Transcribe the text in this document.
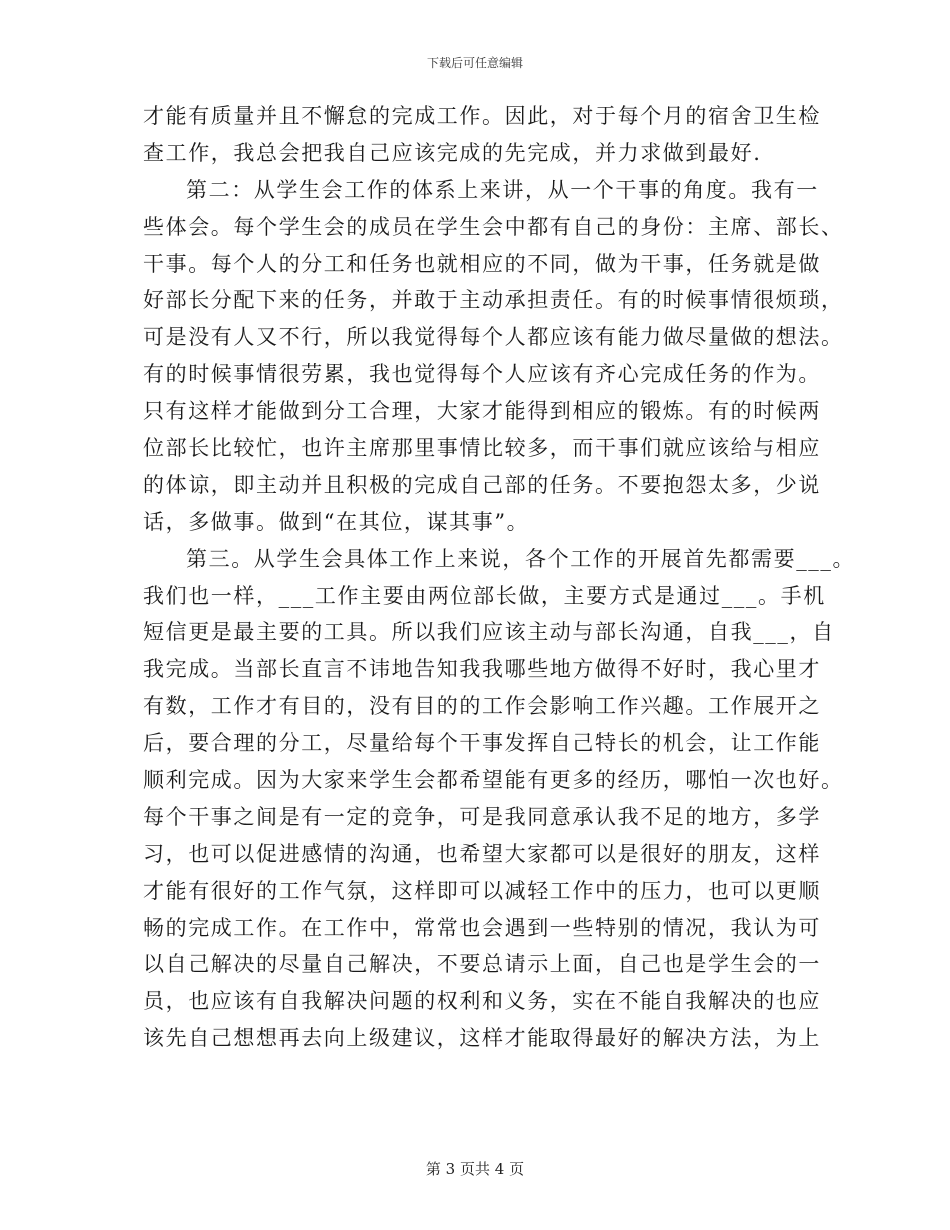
下载后可任意编辑
才能有质量并且不懈怠的完成工作。因此，对于每个月的宿舍卫生检
查工作，我总会把我自己应该完成的先完成，并力求做到最好.
第二：从学生会工作的体系上来讲，从一个干事的角度。我有一
些体会。每个学生会的成员在学生会中都有自己的身份：主席、部长、
干事。每个人的分工和任务也就相应的不同，做为干事，任务就是做
好部长分配下来的任务，并敢于主动承担责任。有的时候事情很烦琐，
可是没有人又不行，所以我觉得每个人都应该有能力做尽量做的想法。
有的时候事情很劳累，我也觉得每个人应该有齐心完成任务的作为。
只有这样才能做到分工合理，大家才能得到相应的锻炼。有的时候两
位部长比较忙，也许主席那里事情比较多，而干事们就应该给与相应
的体谅，即主动并且积极的完成自己部的任务。不要抱怨太多，少说
话，多做事。做到“在其位，谋其事”。
第三。从学生会具体工作上来说，各个工作的开展首先都需要___。
我们也一样，___工作主要由两位部长做，主要方式是通过___。手机
短信更是最主要的工具。所以我们应该主动与部长沟通，自我___，自
我完成。当部长直言不讳地告知我我哪些地方做得不好时，我心里才
有数，工作才有目的，没有目的的工作会影响工作兴趣。工作展开之
后，要合理的分工，尽量给每个干事发挥自己特长的机会，让工作能
顺利完成。因为大家来学生会都希望能有更多的经历，哪怕一次也好。
每个干事之间是有一定的竞争，可是我同意承认我不足的地方，多学
习，也可以促进感情的沟通，也希望大家都可以是很好的朋友，这样
才能有很好的工作气氛，这样即可以减轻工作中的压力，也可以更顺
畅的完成工作。在工作中，常常也会遇到一些特别的情况，我认为可
以自己解决的尽量自己解决，不要总请示上面，自己也是学生会的一
员，也应该有自我解决问题的权利和义务，实在不能自我解决的也应
该先自己想想再去向上级建议，这样才能取得最好的解决方法，为上
第 3 页共 4 页
